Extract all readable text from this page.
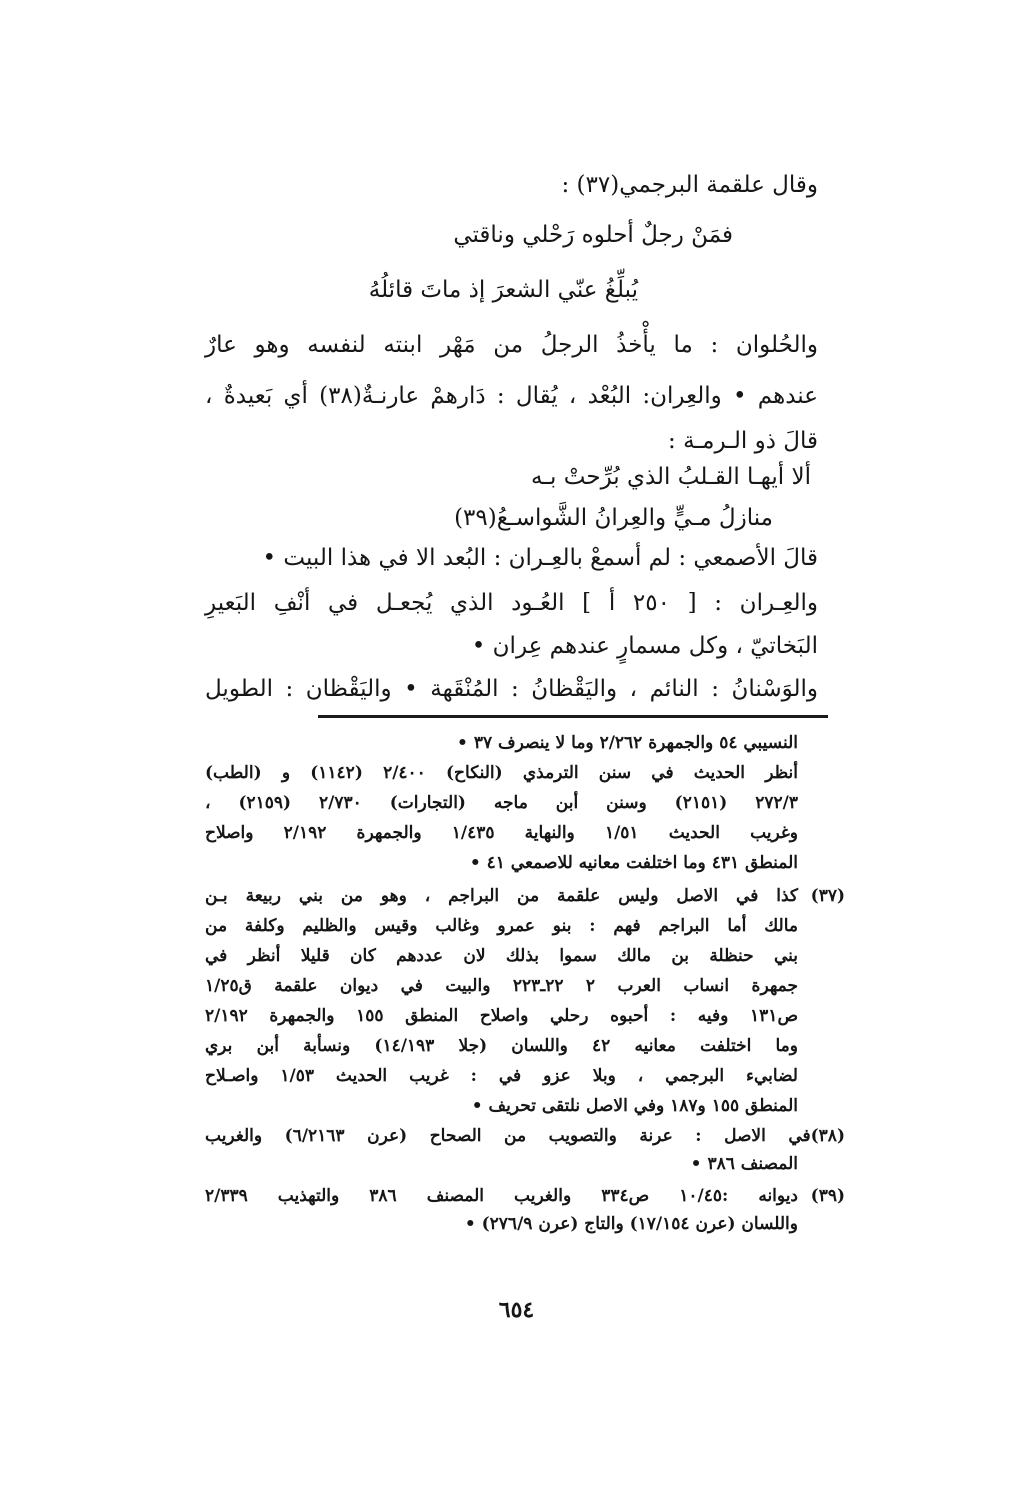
وقال علقمة البرجمي(٣٧) :
فمَنْ رجلٌ أحلوه رَحْلي وناقتي
يُبلِّغُ عنّي الشعرَ إذ ماتَ قائلُهُ
والحُلوان : ما يأْخذُ الرجلُ من مَهْر ابنته لنفسه وهو عارٌ
عندهم • والعِران: البُعْد ، يُقال : دَارهمْ عارنـةٌ(٣٨) أي بَعيدةٌ ،
قالَ ذو الـرمـة :
ألا أيهـا القـلبُ الذي بُرِّحتْ بـه
منازلُ مـيٍّ والعِرانُ الشَّواسـعُ(٣٩)
قالَ الأصمعي : لم أسمعْ بالعِـران : البُعد الا في هذا البيت •
والعِـران : [ ٢٥٠ أ ] العُـود الذي يُجعـل في أنْفِ البَعيرِ
البَخاتيّ ، وكل مسمارٍ عندهم عِران •
والوَسْنانُ : النائم ، واليَقْظانُ : المُنْقَهة • واليَقْظان : الطويل
النسيبي ٥٤ والجمهرة ٢/٢٦٢ وما لا ينصرف ٣٧ •
أنظر الحديث في سنن الترمذي (النكاح) ٢/٤٠٠ (١١٤٢) و (الطب)
٢٧٢/٣ (٢١٥١) وسنن أبن ماجه (التجارات) ٢/٧٣٠ (٢١٥٩) ،
وغريب الحديث ١/٥١ والنهاية ١/٤٣٥ والجمهرة ٢/١٩٢ واصلاح
المنطق ٤٣١ وما اختلفت معانيه للاصمعي ٤١ •
(٣٧)
كذا في الاصل وليس علقمة من البراجم ، وهو من بني ربيعة بـن
مالك أما البراجم فهم : بنو عمرو وغالب وقيس والظليم وكلفة من
بني حنظلة بن مالك سموا بذلك لان عددهم كان قليلا أنظر في
جمهرة انساب العرب ٢ ٢٢ـ٢٢٣ والبيت في ديوان علقمة ق١/٢٥
ص١٣١ وفيه : أحبوه رحلي واصلاح المنطق ١٥٥ والجمهرة ٢/١٩٢
وما اختلفت معانيه ٤٢ واللسان (جلا ١٤/١٩٣) ونسأبة أبن بري
لضابيء البرجمي ، وبلا عزو في : غريب الحديث ١/٥٣ واصـلاح
المنطق ١٥٥ و١٨٧ وفي الاصل نلتقى تحريف •
(٣٨)في الاصل : عرنة والتصويب من الصحاح (عرن ٦/٢١٦٣) والغريب
المصنف ٣٨٦ •
(٣٩)
ديوانه :١٠/٤٥ ص٣٣٤ والغريب المصنف ٣٨٦ والتهذيب ٢/٣٣٩
واللسان (عرن ١٧/١٥٤) والتاج (عرن ٢٧٦/٩) •
٦٥٤
